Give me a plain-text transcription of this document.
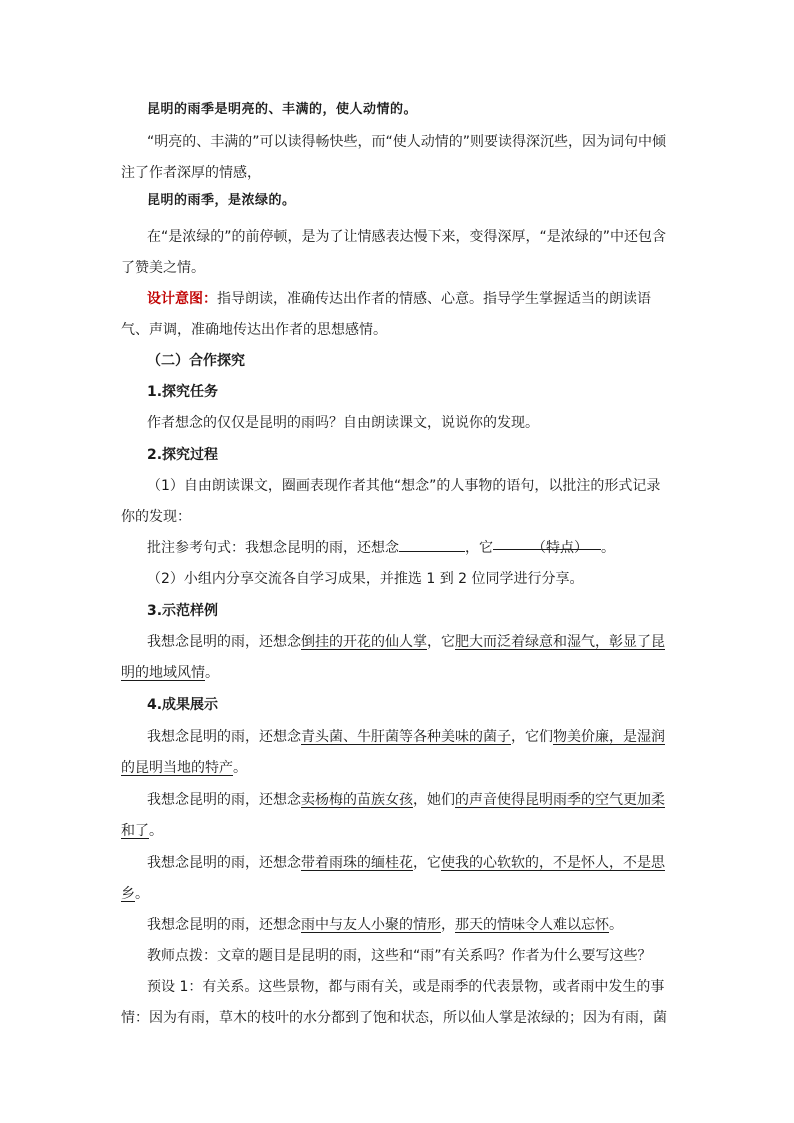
昆明的雨季是明亮的、丰满的，使人动情的。

“明亮的、丰满的”可以读得畅快些，而“使人动情的”则要读得深沉些，因为词句中倾注了作者深厚的情感，

昆明的雨季，是浓绿的。

在“是浓绿的”的前停顿，是为了让情感表达慢下来，变得深厚，“是浓绿的”中还包含了赞美之情。

设计意图：指导朗读，准确传达出作者的情感、心意。指导学生掌握适当的朗读语气、声调，准确地传达出作者的思想感情。

（二）合作探究

1.探究任务

作者想念的仅仅是昆明的雨吗？自由朗读课文，说说你的发现。

2.探究过程

（1）自由朗读课文，圈画表现作者其他“想念”的人事物的语句，以批注的形式记录你的发现：

批注参考句式：我想念昆明的雨，还想念	，它	（特点） 。

（2）小组内分享交流各自学习成果，并推选 1 到 2 位同学进行分享。

3.示范样例

我想念昆明的雨，还想念倒挂的开花的仙人掌，它肥大而泛着绿意和湿气，彰显了昆明的地域风情。

4.成果展示

我想念昆明的雨，还想念青头菌、牛肝菌等各种美味的菌子，它们物美价廉，是湿润的昆明当地的特产。

我想念昆明的雨，还想念卖杨梅的苗族女孩，她们的声音使得昆明雨季的空气更加柔和了。

我想念昆明的雨，还想念带着雨珠的缅桂花，它使我的心软软的，不是怀人，不是思乡。

我想念昆明的雨，还想念雨中与友人小聚的情形，那天的情味令人难以忘怀。

教师点拨：文章的题目是昆明的雨，这些和“雨”有关系吗？作者为什么要写这些？

预设 1：有关系。这些景物，都与雨有关，或是雨季的代表景物，或者雨中发生的事情：因为有雨，草木的枝叶的水分都到了饱和状态，所以仙人掌是浓绿的；因为有雨，菌
